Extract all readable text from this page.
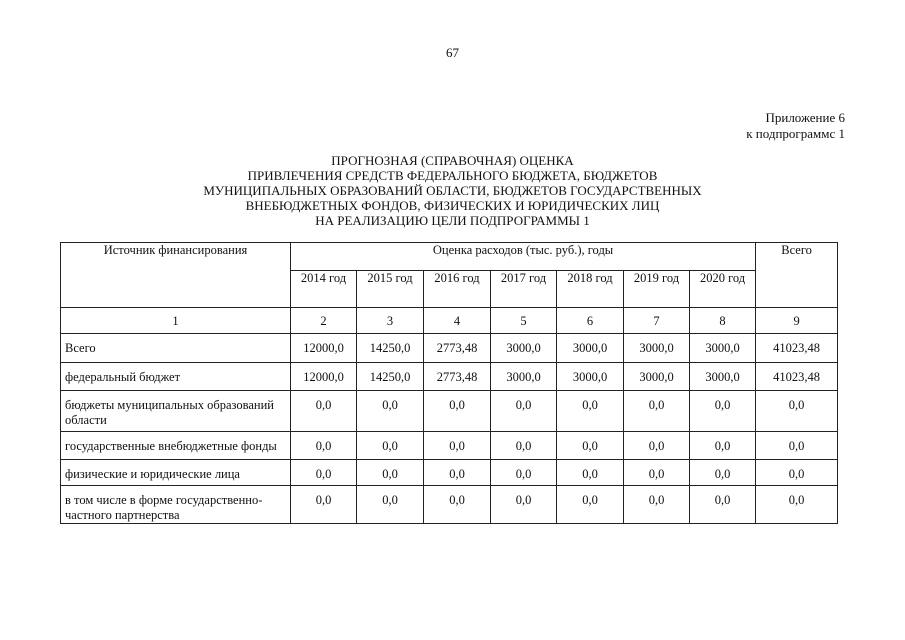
67
Приложение 6
к подпрограммс 1
ПРОГНОЗНАЯ (СПРАВОЧНАЯ) ОЦЕНКА
ПРИВЛЕЧЕНИЯ СРЕДСТВ ФЕДЕРАЛЬНОГО БЮДЖЕТА, БЮДЖЕТОВ
МУНИЦИПАЛЬНЫХ ОБРАЗОВАНИЙ ОБЛАСТИ, БЮДЖЕТОВ ГОСУДАРСТВЕННЫХ
ВНЕБЮДЖЕТНЫХ ФОНДОВ, ФИЗИЧЕСКИХ И ЮРИДИЧЕСКИХ ЛИЦ
НА РЕАЛИЗАЦИЮ ЦЕЛИ ПОДПРОГРАММЫ 1
Источник финансирования	Оценка расходов (тыс. руб.), годы							Всего
	2014 год	2015 год	2016 год	2017 год	2018 год	2019 год	2020 год	
1	2	3	4	5	6	7	8	9
Всего	12000,0	14250,0	2773,48	3000,0	3000,0	3000,0	3000,0	41023,48
федеральный бюджет	12000,0	14250,0	2773,48	3000,0	3000,0	3000,0	3000,0	41023,48
бюджеты муниципальных образований области	0,0	0,0	0,0	0,0	0,0	0,0	0,0	0,0
государственные внебюджетные фонды	0,0	0,0	0,0	0,0	0,0	0,0	0,0	0,0
физические и юридические лица	0,0	0,0	0,0	0,0	0,0	0,0	0,0	0,0
в том числе в форме государственно-частного партнерства	0,0	0,0	0,0	0,0	0,0	0,0	0,0	0,0
